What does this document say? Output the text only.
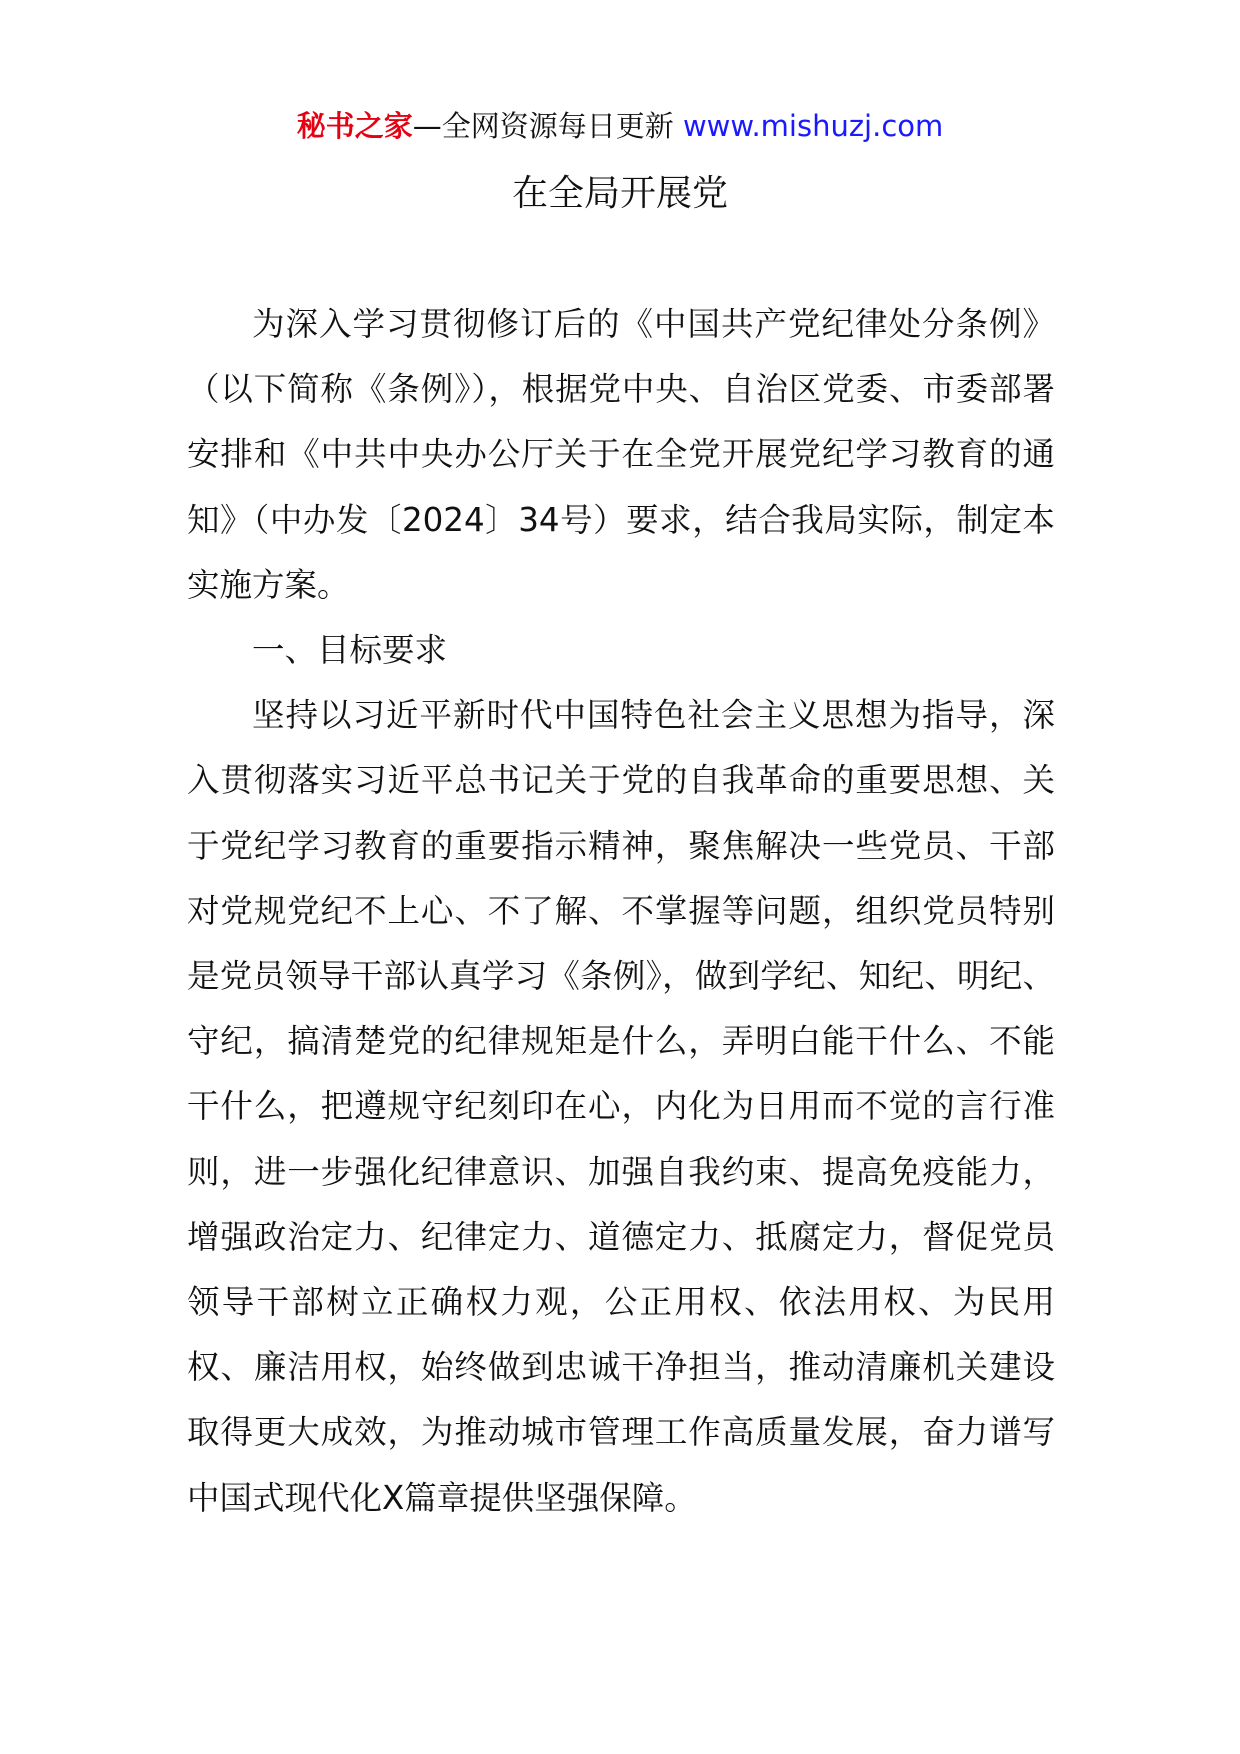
秘书之家—全网资源每日更新 www.mishuzj.com
在全局开展党

为深入学习贯彻修订后的《中国共产党纪律处分条例》（以下简称《条例》），根据党中央、自治区党委、市委部署安排和《中共中央办公厅关于在全党开展党纪学习教育的通知》（中办发〔2024〕34号）要求，结合我局实际，制定本实施方案。

一、目标要求

坚持以习近平新时代中国特色社会主义思想为指导，深入贯彻落实习近平总书记关于党的自我革命的重要思想、关于党纪学习教育的重要指示精神，聚焦解决一些党员、干部对党规党纪不上心、不了解、不掌握等问题，组织党员特别是党员领导干部认真学习《条例》，做到学纪、知纪、明纪、守纪，搞清楚党的纪律规矩是什么，弄明白能干什么、不能干什么，把遵规守纪刻印在心，内化为日用而不觉的言行准则，进一步强化纪律意识、加强自我约束、提高免疫能力，增强政治定力、纪律定力、道德定力、抵腐定力，督促党员领导干部树立正确权力观，公正用权、依法用权、为民用权、廉洁用权，始终做到忠诚干净担当，推动清廉机关建设取得更大成效，为推动城市管理工作高质量发展，奋力谱写中国式现代化X篇章提供坚强保障。
